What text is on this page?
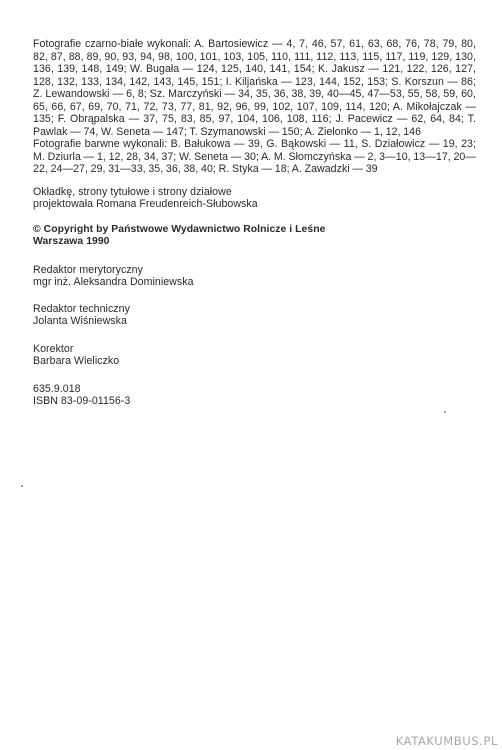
Fotografie czarno-białe wykonali: A. Bartosiewicz — 4, 7, 46, 57, 61, 63, 68, 76, 78, 79, 80, 82, 87, 88, 89, 90, 93, 94, 98, 100, 101, 103, 105, 110, 111, 112, 113, 115, 117, 119, 129, 130, 136, 139, 148, 149; W. Bugała — 124, 125, 140, 141, 154; K. Jakusz — 121, 122, 126, 127, 128, 132, 133, 134, 142, 143, 145, 151; I. Kiljańska — 123, 144, 152, 153; S. Korszun — 86; Z. Lewandowski — 6, 8; Sz. Marczyński — 34, 35, 36, 38, 39, 40—45, 47—53, 55, 58, 59, 60, 65, 66, 67, 69, 70, 71, 72, 73, 77, 81, 92, 96, 99, 102, 107, 109, 114, 120; A. Mikołajczak — 135; F. Obrąpalska — 37, 75, 83, 85, 97, 104, 106, 108, 116; J. Pacewicz — 62, 64, 84; T. Pawlak — 74, W. Seneta — 147; T. Szymanowski — 150; A. Zielonko — 1, 12, 146

Fotografie barwne wykonali: B. Bałukowa — 39, G. Bąkowski — 11, S. Działowicz — 19, 23; M. Dziurla — 1, 12, 28, 34, 37; W. Seneta — 30; A. M. Słomczyńska — 2, 3—10, 13—17, 20—22, 24—27, 29, 31—33, 35, 36, 38, 40; R. Styka — 18; A. Zawadzki — 39

Okładkę, strony tytułowe i strony działowe
projektowała Romana Freudenreich-Słubowska
© Copyright by Państwowe Wydawnictwo Rolnicze i Leśne
Warszawa 1990
Redaktor merytoryczny
mgr inż. Aleksandra Dominiewska
Redaktor techniczny
Jolanta Wiśniewska
Korektor
Barbara Wieliczko
635.9.018
ISBN 83-09-01156-3
KATAKUMBUS.PL
